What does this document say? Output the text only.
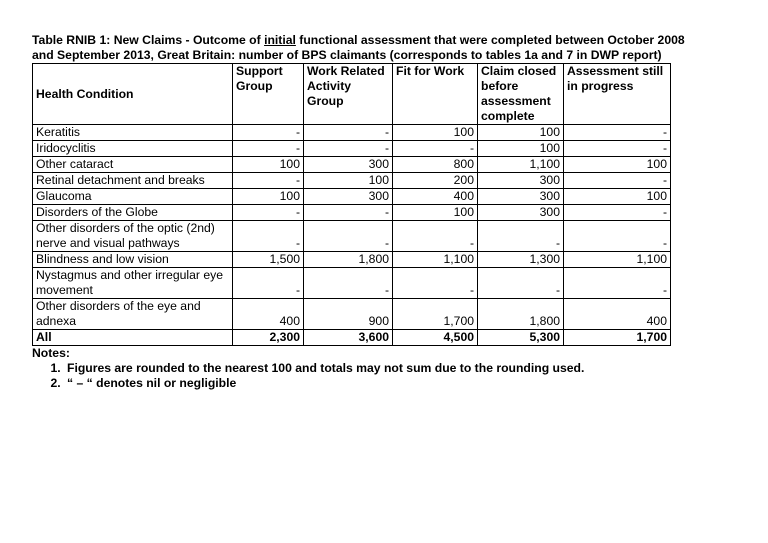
Table RNIB 1: New Claims - Outcome of initial functional assessment that were completed between October 2008
and September 2013, Great Britain: number of BPS claimants (corresponds to tables 1a and 7 in DWP report)

Health Condition	Support Group	Work Related Activity Group	Fit for Work	Claim closed before assessment complete	Assessment still in progress
Keratitis	-	-	100	100	-
Iridocyclitis	-	-	-	100	-
Other cataract	100	300	800	1,100	100
Retinal detachment and breaks	-	100	200	300	-
Glaucoma	100	300	400	300	100
Disorders of the Globe	-	-	100	300	-
Other disorders of the optic (2nd) nerve and visual pathways	-	-	-	-	-
Blindness and low vision	1,500	1,800	1,100	1,300	1,100
Nystagmus and other irregular eye movement	-	-	-	-	-
Other disorders of the eye and adnexa	400	900	1,700	1,800	400
All	2,300	3,600	4,500	5,300	1,700
Notes:
1. Figures are rounded to the nearest 100 and totals may not sum due to the rounding used.
2. “ – “ denotes nil or negligible
